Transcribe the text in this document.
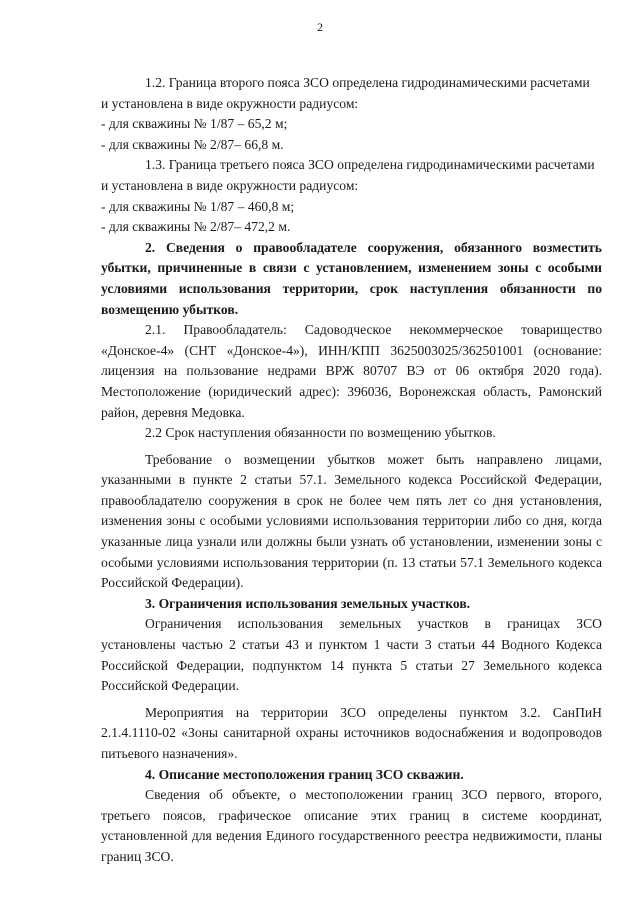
2

1.2. Граница второго пояса ЗСО определена гидродинамическими расчетами

и установлена в виде окружности радиусом:

- для скважины № 1/87 – 65,2 м;

- для скважины № 2/87– 66,8 м.

1.3. Граница третьего пояса ЗСО определена гидродинамическими расчетами

и установлена в виде окружности радиусом:

- для скважины № 1/87 – 460,8 м;

- для скважины № 2/87– 472,2 м.

2. Сведения о правообладателе сооружения, обязанного возместить убытки, причиненные в связи с установлением, изменением зоны с особыми условиями использования территории, срок наступления обязанности по возмещению убытков.

2.1. Правообладатель: Садоводческое некоммерческое товарищество «Донское-4» (СНТ «Донское-4»), ИНН/КПП 3625003025/362501001 (основание: лицензия на пользование недрами ВРЖ 80707 ВЭ от 06 октября 2020 года). Местоположение (юридический адрес): 396036, Воронежская область, Рамонский район, деревня Медовка.

2.2 Срок наступления обязанности по возмещению убытков.

Требование о возмещении убытков может быть направлено лицами, указанными в пункте 2 статьи 57.1. Земельного кодекса Российской Федерации, правообладателю сооружения в срок не более чем пять лет со дня установления, изменения зоны с особыми условиями использования территории либо со дня, когда указанные лица узнали или должны были узнать об установлении, изменении зоны с особыми условиями использования территории (п. 13 статьи 57.1 Земельного кодекса Российской Федерации).

3. Ограничения использования земельных участков.

Ограничения использования земельных участков в границах ЗСО установлены частью 2 статьи 43 и пунктом 1 части 3 статьи 44 Водного Кодекса Российской Федерации, подпунктом 14 пункта 5 статьи 27 Земельного кодекса Российской Федерации.

Мероприятия на территории ЗСО определены пунктом 3.2. СанПиН 2.1.4.1110-02 «Зоны санитарной охраны источников водоснабжения и водопроводов питьевого назначения».

4. Описание местоположения границ ЗСО скважин.

Сведения об объекте, о местоположении границ ЗСО первого, второго, третьего поясов, графическое описание этих границ в системе координат, установленной для ведения Единого государственного реестра недвижимости, планы границ ЗСО.
